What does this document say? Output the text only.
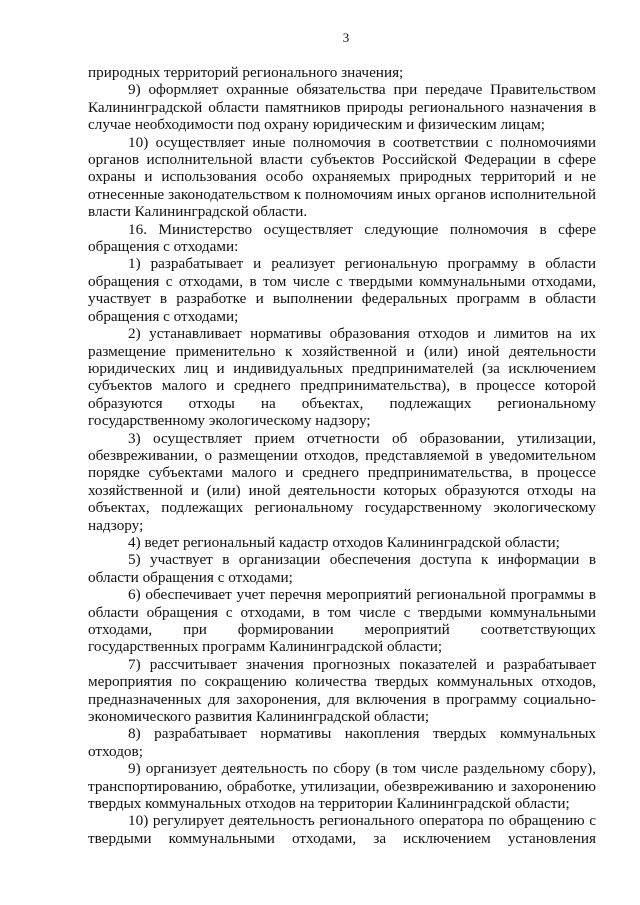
3

природных территорий регионального значения;

9) оформляет охранные обязательства при передаче Правительством Калининградской области памятников природы регионального назначения в случае необходимости под охрану юридическим и физическим лицам;

10) осуществляет иные полномочия в соответствии с полномочиями органов исполнительной власти субъектов Российской Федерации в сфере охраны и использования особо охраняемых природных территорий и не отнесенные законодательством к полномочиям иных органов исполнительной власти Калининградской области.

16. Министерство осуществляет следующие полномочия в сфере обращения с отходами:

1) разрабатывает и реализует региональную программу в области обращения с отходами, в том числе с твердыми коммунальными отходами, участвует в разработке и выполнении федеральных программ в области обращения с отходами;

2) устанавливает нормативы образования отходов и лимитов на их размещение применительно к хозяйственной и (или) иной деятельности юридических лиц и индивидуальных предпринимателей (за исключением субъектов малого и среднего предпринимательства), в процессе которой образуются отходы на объектах, подлежащих региональному государственному экологическому надзору;

3) осуществляет прием отчетности об образовании, утилизации, обезвреживании, о размещении отходов, представляемой в уведомительном порядке субъектами малого и среднего предпринимательства, в процессе хозяйственной и (или) иной деятельности которых образуются отходы на объектах, подлежащих региональному государственному экологическому надзору;

4) ведет региональный кадастр отходов Калининградской области;

5) участвует в организации обеспечения доступа к информации в области обращения с отходами;

6) обеспечивает учет перечня мероприятий региональной программы в области обращения с отходами, в том числе с твердыми коммунальными отходами, при формировании мероприятий соответствующих государственных программ Калининградской области;

7) рассчитывает значения прогнозных показателей и разрабатывает мероприятия по сокращению количества твердых коммунальных отходов, предназначенных для захоронения, для включения в программу социально-экономического развития Калининградской области;

8) разрабатывает нормативы накопления твердых коммунальных отходов;

9) организует деятельность по сбору (в том числе раздельному сбору), транспортированию, обработке, утилизации, обезвреживанию и захоронению твердых коммунальных отходов на территории Калининградской области;

10) регулирует деятельность регионального оператора по обращению с твердыми коммунальными отходами, за исключением установления
